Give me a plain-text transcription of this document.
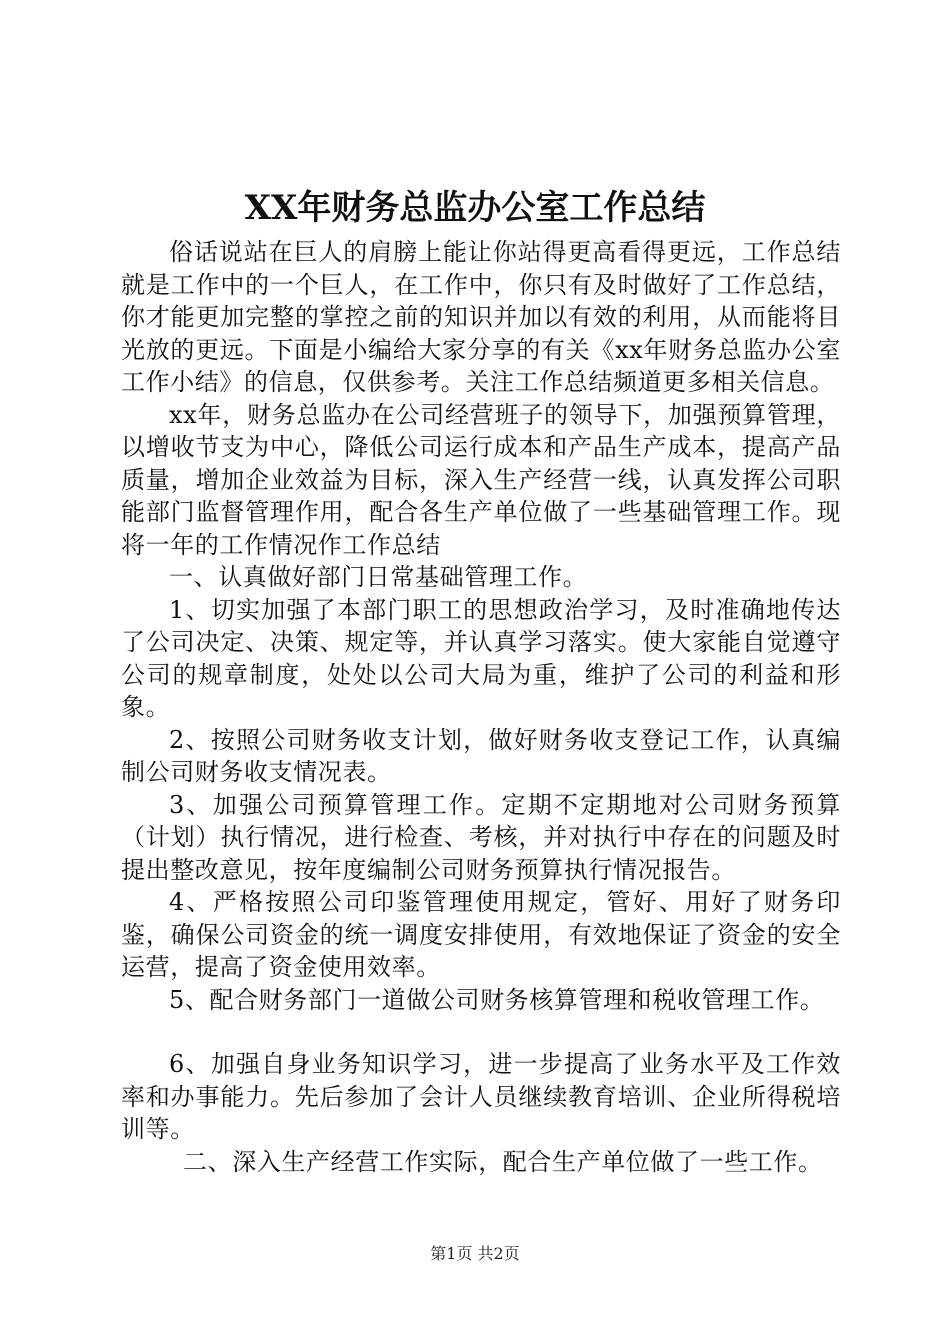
XX年财务总监办公室工作总结

俗话说站在巨人的肩膀上能让你站得更高看得更远，工作总结就是工作中的一个巨人，在工作中，你只有及时做好了工作总结，你才能更加完整的掌控之前的知识并加以有效的利用，从而能将目光放的更远。下面是小编给大家分享的有关《xx年财务总监办公室工作小结》的信息，仅供参考。关注工作总结频道更多相关信息。

xx年，财务总监办在公司经营班子的领导下，加强预算管理，以增收节支为中心，降低公司运行成本和产品生产成本，提高产品质量，增加企业效益为目标，深入生产经营一线，认真发挥公司职能部门监督管理作用，配合各生产单位做了一些基础管理工作。现将一年的工作情况作工作总结

一、认真做好部门日常基础管理工作。

1、切实加强了本部门职工的思想政治学习，及时准确地传达了公司决定、决策、规定等，并认真学习落实。使大家能自觉遵守公司的规章制度，处处以公司大局为重，维护了公司的利益和形象。

2、按照公司财务收支计划，做好财务收支登记工作，认真编制公司财务收支情况表。

3、加强公司预算管理工作。定期不定期地对公司财务预算（计划）执行情况，进行检查、考核，并对执行中存在的问题及时提出整改意见，按年度编制公司财务预算执行情况报告。

4、严格按照公司印鉴管理使用规定，管好、用好了财务印鉴，确保公司资金的统一调度安排使用，有效地保证了资金的安全运营，提高了资金使用效率。

5、配合财务部门一道做公司财务核算管理和税收管理工作。

6、加强自身业务知识学习，进一步提高了业务水平及工作效率和办事能力。先后参加了会计人员继续教育培训、企业所得税培训等。

二、深入生产经营工作实际，配合生产单位做了一些工作。

第1页 共2页
